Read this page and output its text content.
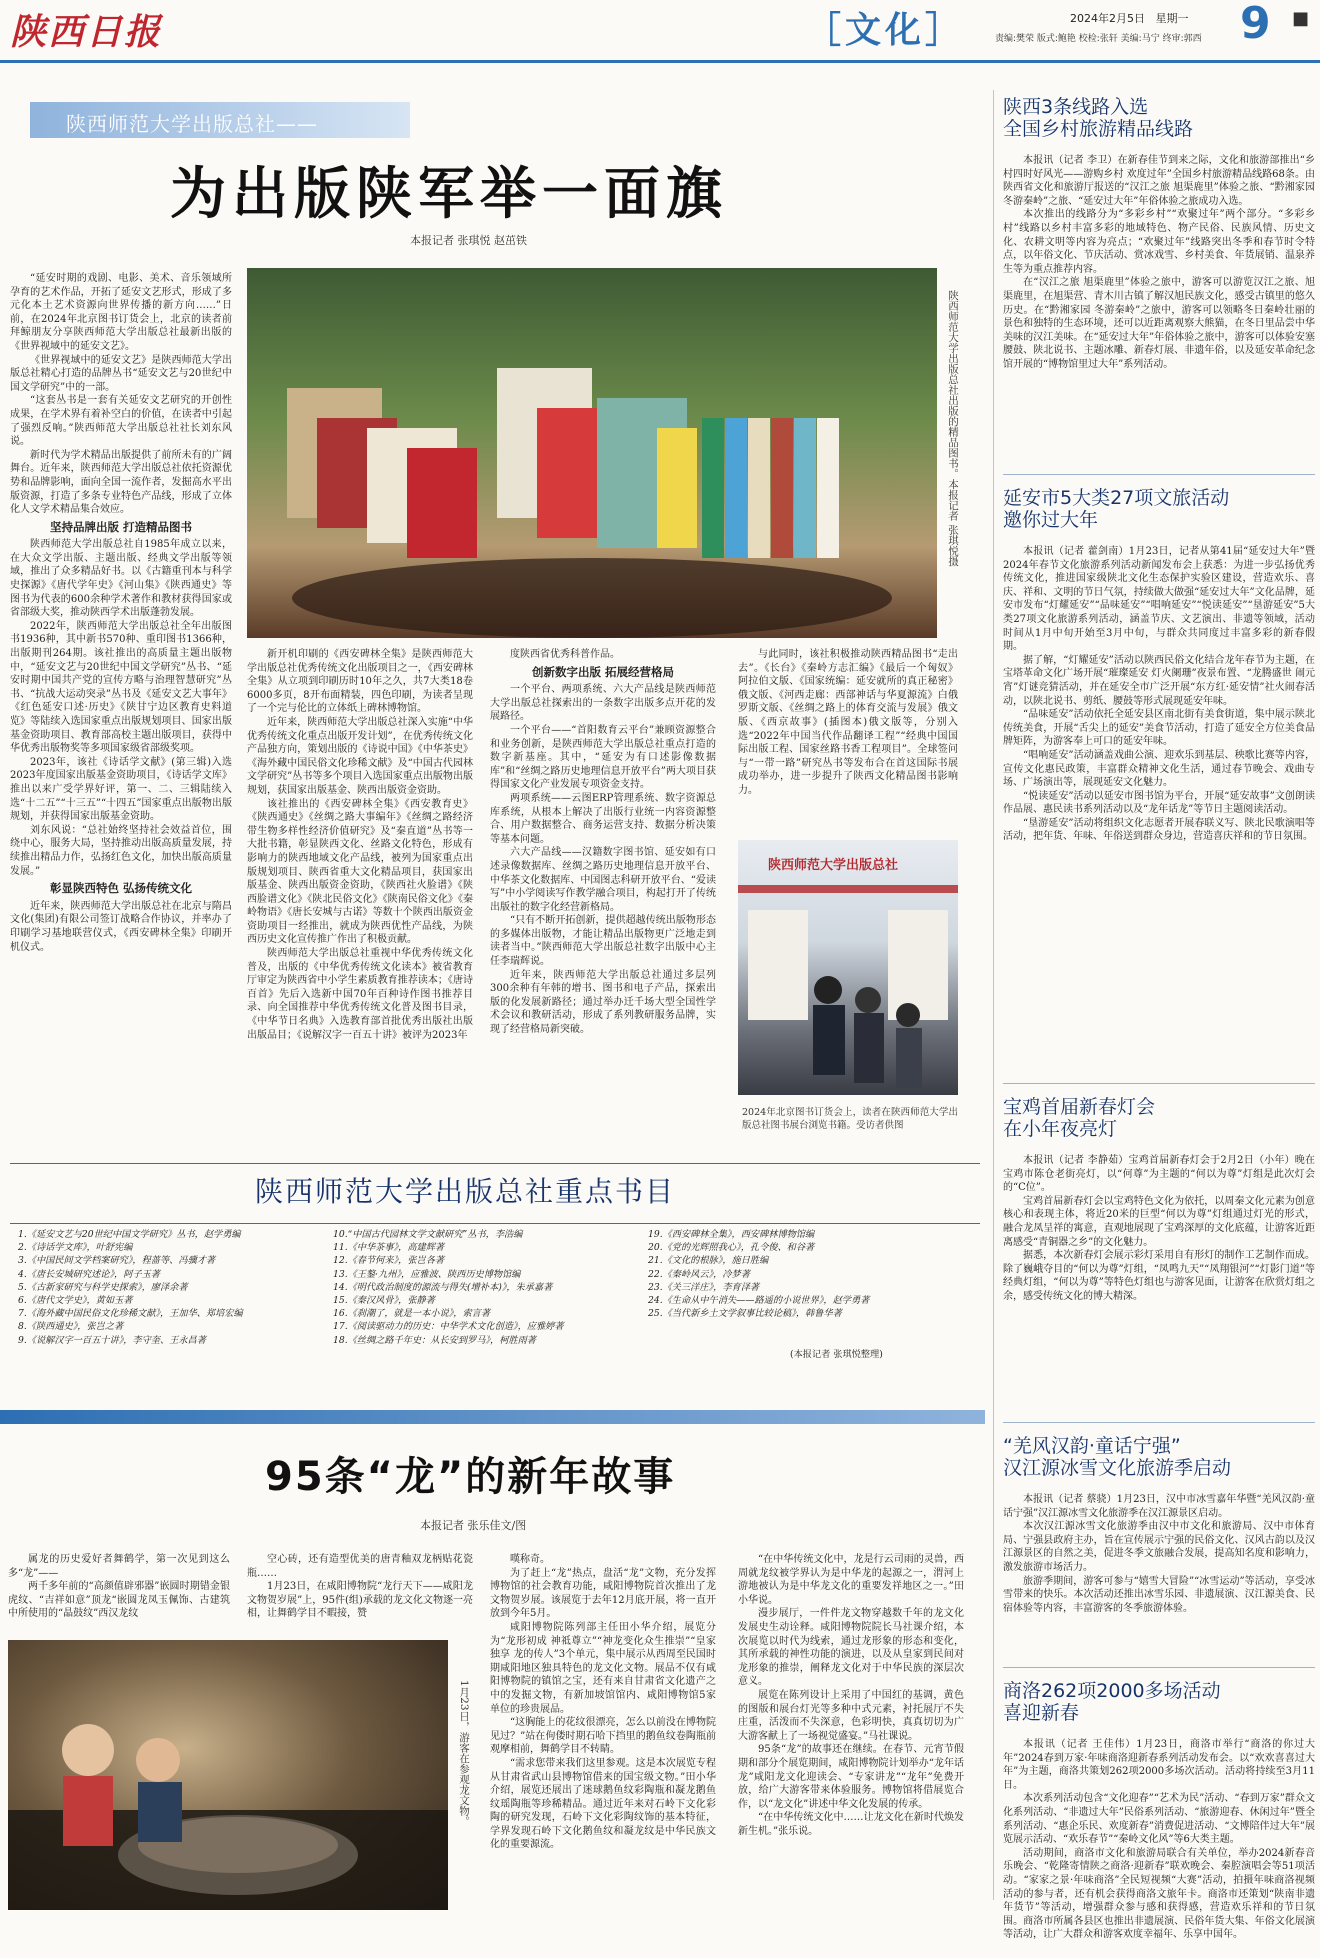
陕西日报	［文化］	2024年2月5日 星期一
责编:樊荣 版式:鲍艳 校检:张轩 美编:马宁 终审:郭西 9 ■
陕西师范大学出版总社——
为出版陕军举一面旗
本报记者 张琪悦 赵茁铁
陕西师范大学出版总社出版的精品图书。本报记者 张琪悦摄

“延安时期的戏剧、电影、美术、音乐领域所孕育的艺术作品，开拓了延安文艺形式，形成了多元化本土艺术资源向世界传播的新方向……”日前，在2024年北京图书订货会上，北京的读者前拜鲸朋友分享陕西师范大学出版总社最新出版的《世界视域中的延安文艺》。

《世界视域中的延安文艺》是陕西师范大学出版总社精心打造的品牌丛书“延安文艺与20世纪中国文学研究”中的一部。

“这套丛书是一套有关延安文艺研究的开创性成果，在学术界有着补空白的价值，在读者中引起了强烈反响。”陕西师范大学出版总社社长刘东风说。

新时代为学术精品出版提供了前所未有的广阔舞台。近年来，陕西师范大学出版总社依托资源优势和品牌影响，面向全国一流作者，发掘高水平出版资源，打造了多条专业特色产品线，形成了立体化人文学术精品集合效应。

坚持品牌出版 打造精品图书

陕西师范大学出版总社自1985年成立以来，在大众文学出版、主题出版、经典文学出版等领域，推出了众多精品好书。以《古籍重刊本与科学史探源》《唐代学年史》《河山集》《陕西通史》等图书为代表的600余种学术著作和教材获得国家或省部级大奖，推动陕西学术出版蓬勃发展。

2022年，陕西师范大学出版总社全年出版图书1936种，其中新书570种、重印图书1366种，出版期刊264期。该社推出的高质量主题出版物中，“延安文艺与20世纪中国文学研究”丛书、“延安时期中国共产党的宣传方略与治理智慧研究”丛书、“抗战大运动突录”丛书及《延安文艺大事年》《红色延安口述·历史》《陕甘宁边区教育史料道览》等陆续入选国家重点出版规划项目、国家出版基金资助项目、教育部高校主题出版项目，获得中华优秀出版物奖等多项国家级省部级奖项。

2023年，该社《诗话学文献》(第三辑)入选2023年度国家出版基金资助项目，《诗话学文库》推出以来广受学界好评，第一、二、三辑陆续入选“十二五”“十三五”“十四五”国家重点出版物出版规划，并获得国家出版基金资助。

刘东风说：“总社始终坚持社会效益首位，围绕中心，服务大局，坚持推动出版高质量发展，持续推出精品力作，弘扬红色文化，加快出版高质量发展。”

彰显陕西特色 弘扬传统文化

近年来，陕西师范大学出版总社在北京与隋昌文化(集团)有限公司签订战略合作协议，并率办了印刷学习基地联营仪式，《西安碑林全集》印刷开机仪式。

新开机印刷的《西安碑林全集》是陕西师范大学出版总社优秀传统文化出版项目之一，《西安碑林全集》从立项到印刷历时10年之久，共7大类18卷6000多页，8开布面精装，四色印刷，为读者呈现了一个完与伦比的立体纸上碑林博物馆。

近年来，陕西师范大学出版总社深入实施“中华优秀传统文化重点出版开发计划”，在优秀传统文化产品独方向，策划出版的《诗说中国》《中华茶史》《海外藏中国民俗文化珍稀文献》及“中国古代园林文学研究”丛书等多个项目入选国家重点出版物出版规划，获国家出版基金、陕西出版资金资助。

该社推出的《西安碑林全集》《西安教育史》《陕西通史》《丝绸之路大事编年》《丝绸之路经济带生物多样性经济价值研究》及“秦直道”丛书等一大批书籍，彰显陕西文化、丝路文化特色，形成有影响力的陕西地域文化产品线，被列为国家重点出版规划项目、陕西省重大文化精品项目，获国家出版基金、陕西出版资金资助，《陕西社火脸谱》《陕西脸谱文化》《陕北民俗文化》《陕南民俗文化》《秦岭物语》《唐长安城与古诺》等数十个陕西出版资金资助项目一经推出，就成为陕西优性产品线，为陕西历史文化宣传推广作出了积极贡献。

陕西师范大学出版总社重视中华优秀传统文化普及，出版的《中华优秀传统文化读本》被省教育厅审定为陕西省中小学生素质教育推荐读本；《唐诗百首》先后入选新中国70年百种诗作图书推荐目录、向全国推荐中华优秀传统文化普及图书目录，《中华节日名典》入选教育部首批优秀出版社出版出版品目；《说解汉字一百五十讲》被评为2023年

度陕西省优秀科普作品。

创新数字出版 拓展经营格局

一个平台、两项系统、六大产品线是陕西师范大学出版总社探索出的一条数字出版多点开花的发展路径。

一个平台——“首阳数育云平台”兼顾资源整合和业务创新，是陕西师范大学出版总社重点打造的数字新基座。其中，“延安为有口述影像数据库”和“丝绸之路历史地理信息开放平台”两大项目获得国家文化产业发展专项资金支持。

两项系统——云图ERP管理系统、数字资源总库系统，从根本上解决了出版行业统一内容资源整合、用户数据整合、商务运营支持、数据分析决策等基本问题。

六大产品线——汉籍数字图书馆、延安如有口述录像数据库、丝绸之路历史地理信息开放平台、中华茶文化数据库、中国图志科研开放平台、“爱读写”中小学阅读写作教学融合项目，构起打开了传统出版社的数字化经营新格局。

“只有不断开拓创新，提供超越传统出版物形态的多媒体出版物，才能让精品出版物更广泛地走到读者当中。”陕西师范大学出版总社数字出版中心主任李瑞辉说。

近年来，陕西师范大学出版总社通过多层列300余种有年韩的增书、图书和电子产品，探索出版的化发展新路径；通过举办迁千场大型全国性学术会议和教研活动，形成了系列教研服务品牌，实现了经营格局新突破。

与此同时，该社积极推动陕西精品图书“走出去”。《长台》《秦岭方志汇编》《最后一个匈奴》阿拉伯文版、《国家统编：延安就所的真正秘密》俄文版、《河西走廊：西部神话与华夏源流》白俄罗斯文版、《丝绸之路上的体育交流与发展》俄文版、《西京故事》(插图本)俄文版等，分别入选“2022年中国当代作品翻译工程”“经典中国国际出版工程、国家丝路书香工程项目”。全球签问与“一带一路”研究丛书等发布合在首这国际书展成功举办，进一步提升了陕西文化精品图书影响力。

陕西师范大学出版总社
2024年北京图书订货会上，读者在陕西师范大学出版总社图书展台浏览书籍。受访者供图
陕西师范大学出版总社重点书目
1.《延安文艺与20世纪中国文学研究》丛书，赵学勇编
2.《诗话学文库》，叶舒宪编
3.《中国民间文学档案研究》，程蔷等、冯骥才著
4.《唐长安城研究述论》，阿子玉著
5.《古新家研究与科学史探索》，廖泽余著
6.《唐代文学史》，黄如玉著
7.《海外藏中国民俗文化珍稀文献》，王加华、郑培宏编
8.《陕西通史》，张岂之著
9.《说解汉字一百五十讲》，李守奎、王永昌著
10.“中国古代园林文学文献研究”丛书，李浩编
11.《中华茶事》，高建辉著
12.《春节何来》，张岂各著
13.《王鏊·九州》，应雅波、陕西历史博物馆编
14.《明代政治制度的源流与得失(增补本)》，朱承嘉著
15.《秦汉风骨》，张静著
16.《刹潮了，就是一本小说》，索言著
17.《阅读驱动力的历史：中华学术文化创造》，应雅婷著
18.《丝绸之路千年史：从长安到罗马》，柯胜雨著
19.《西安碑林全集》，西安碑林博物馆编
20.《党的光辉照我心》，孔令俊、和谷著
21.《文化的根脉》，施日胜编
22.《秦岭风云》，冷梦著
23.《关三洋庄》，李育泽著
24.《生命从中午消失——路遥的小说世界》，赵学勇著
25.《当代新乡土文学叙事比较论稿》，韩鲁华著
(本报记者 张琪悦整理)
95条“龙”的新年故事
本报记者 张乐佳文/图

属龙的历史爱好者舞鹤学，第一次见到这么多“龙”——

两千多年前的“高颜值辟邪器”嵌圆时期错金银虎纹、“吉祥如意”顶龙“嵌圆龙凤玉佩饰、古建筑中所使用的“晶鼓纹”西汉龙纹

空心砖，还有造型优美的唐青釉双龙柄贴花瓷瓶……

1月23日，在咸阳博物院“龙行天下——咸阳龙文物贺岁展”上，95件(组)承载的龙文化文物逐一亮相，让舞鹤学目不暇接，赞

嘆称奇。

为了赶上“龙”热点，盘活“龙”文物，充分发挥博物馆的社会教育功能，咸阳博物院首次推出了龙文物贺岁展。该展览于去年12月底开展，将一直开放到今年5月。

咸阳博物院陈列部主任田小华介绍，展览分为“龙形初成 神祗尊立”“神龙变化众生推崇”“皇家独享 龙的传人”3个单元，集中展示从西周至民国时期咸阳地区独具特色的龙文化文物。展品不仅有咸阳博物院的镇馆之宝，还有来自甘肃省文化遗产之中的发掘文物，有新加坡馆馆内、咸阳博物馆5家单位的珍贵展品。

“这胸能上的花纹很漂亮，怎么以前没在博物院见过？”站在佝偻时期石哈下挡里的鹅鱼纹卷陶瓶前观摩相前，舞鹤学目不转睛。

“需求您带来我们这里参观。这是本次展览专程从甘肃省武山县博物馆借来的国宝级文物。”田小华介绍，展览还展出了迷球鹅鱼纹彩陶瓶和凝龙鹅鱼纹瑶陶瓶等珍稀精品。通过近年来对石岭下文化彩陶的研究发现，石岭下文化彩陶纹饰的基本特征，学界发现石岭下文化鹅鱼纹和凝龙纹是中华民族文化的重要源流。

“在中华传统文化中，龙是行云司雨的灵兽，西周就龙纹被学界认为是中华龙的起源之一，渭河上游地被认为是中华龙文化的重要发祥地区之一。”田小华说。

漫步展厅，一件件龙文物穿越数千年的龙文化发展史生动诠释。咸阳博物院院长马社课介绍，本次展览以时代为线索，通过龙形象的形态和变化，其所承载的神性功能的演进，以及从皇家到民间对龙形象的推崇，阐释龙文化对于中华民族的深层次意义。

展览在陈列设计上采用了中国红的基调，黄色的图版和展台灯光等多种中式元素，衬托展厅不失庄重，活泼而不失深意，色彩明快，真真切切为广大游客献上了一场视觉盛宴。”马社课说。

95条“龙”的故事还在继续。在春节、元宵节假期和部分个展览期间，咸阳博物院计划举办“龙年话龙”咸阳龙文化迎读会、“专家讲龙”“龙年”免费开放，给广大游客带来体验服务。博物馆将借展览合作，以“龙文化”讲述中华文化发展的传承。

“在中华传统文化中……让龙文化在新时代焕发新生机。”张乐说。

1月23日，游客在参观龙文物。
陕西3条线路入选
全国乡村旅游精品线路

本报讯（记者 李卫）在新春佳节到来之际，文化和旅游部推出“乡村四时好风光——游购乡村 欢度过年”全国乡村旅游精品线路68条。由陕西省文化和旅游厅报送的“汉江之旅 旭渠鹿里”体验之旅、“黔湘家园 冬游秦岭”之旅、“延安过大年”年俗体验之旅成功入选。

本次推出的线路分为“多彩乡村”“欢聚过年”两个部分。“多彩乡村”线路以乡村丰富多彩的地域特色、物产民俗、民族风情、历史文化、农耕文明等内容为亮点；“欢聚过年”线路突出冬季和春节时令特点，以年俗文化、节庆活动、赏冰戏雪、乡村美食、年货展销、温泉养生等为重点推荐内容。

在“汉江之旅 旭渠鹿里”体验之旅中，游客可以游览汉江之旅、旭渠鹿里，在旭渠营、青木川古镇了解汉旭民族文化，感受古镇里的悠久历史。在“黔湘家园 冬游秦岭”之旅中，游客可以领略冬日秦岭壮丽的景色和独特的生态环境，还可以近距离观察大熊猫，在冬日里品尝中华美味的汉江美味。在“延安过大年”年俗体验之旅中，游客可以体验安塞腰鼓、陕北说书、主题冰雕、新春灯展、非遗年俗，以及延安革命纪念馆开展的“博物馆里过大年”系列活动。

延安市5大类27项文旅活动
邀你过大年

本报讯（记者 藿剑南）1月23日，记者从第41届“延安过大年”暨2024年春节文化旅游系列活动新闻发布会上获悉：为进一步弘扬优秀传统文化，推进国家级陕北文化生态保护实验区建设，营造欢乐、喜庆、祥和、文明的节日气氛，持续做大做强“延安过大年”文化品牌，延安市发布“灯耀延安”“品味延安”“唱响延安”“悦读延安”“垦游延安”5大类27项文化旅游系列活动，涵盖节庆、文艺演出、非遗等领域，活动时间从1月中旬开始至3月中旬，与群众共同度过丰富多彩的新春假期。

据了解，“灯耀延安”活动以陕西民俗文化结合龙年春节为主题，在宝塔革命文化广场开展“璀璨延安 灯火阑珊”夜景布置、“龙腾盛世 闹元宵”灯谜竞猜活动，并在延安全市广泛开展“东方红·延安情”社火闹春活动，以陕北说书、剪纸、腰鼓等形式展现延安年味。

“品味延安”活动依托全延安县区南北街有美食街道，集中展示陕北传统美食，开展“舌尖上的延安”美食节活动，打造了延安全方位美食品牌矩阵，为游客奉上可口的延安年味。

“唱响延安”活动涵盖戏曲公演、迎欢乐到基层、秧歌比赛等内容，宣传文化惠民政策，丰富群众精神文化生活，通过春节晚会、戏曲专场、广场演出等，展现延安文化魅力。

“悦读延安”活动以延安市图书馆为平台，开展“延安故事”文创朗读作品展、惠民读书系列活动以及“龙年话龙”等节日主题阅读活动。

“垦游延安”活动将组织文化志愿者开展春联义写、陕北民歌演唱等活动，把年货、年味、年俗送到群众身边，营造喜庆祥和的节日氛围。

宝鸡首届新春灯会
在小年夜亮灯

本报讯（记者 李静茹）宝鸡首届新春灯会于2月2日（小年）晚在宝鸡市陈仓老街亮灯，以“何尊”为主题的“何以为尊”灯组是此次灯会的“C位”。

宝鸡首届新春灯会以宝鸡特色文化为依托，以周秦文化元素为创意核心和表现主体，将近20米的巨型“何以为尊”灯组通过灯光的形式，融合龙凤呈祥的寓意，直观地展现了宝鸡深厚的文化底蕴，让游客近距离感受“青铜器之乡”的文化魅力。

据悉，本次新春灯会展示彩灯采用自有形灯的制作工艺制作而成。除了巍峨夺目的“何以为尊”灯组，“凤鸣九天”“凤翔银河”“灯影门道”等经典灯组，“何以为尊”等特色灯组也与游客见面，让游客在欣赏灯组之余，感受传统文化的博大精深。

“羌风汉韵·童话宁强”
汉江源冰雪文化旅游季启动

本报讯（记者 蔡骁）1月23日，汉中市冰雪嘉年华暨“羌风汉韵·童话宁强”汉江源冰雪文化旅游季在汉江源景区启动。

本次汉江源冰雪文化旅游季由汉中市文化和旅游局、汉中市体育局、宁强县政府主办，旨在宣传展示宁强的民俗文化、汉风古韵以及汉江源景区的自然之美，促进冬季文旅融合发展，提高知名度和影响力，激发旅游市场活力。

旅游季期间，游客可参与“嬉雪大冒险”“冰雪运动”等活动，享受冰雪带来的快乐。本次活动还推出冰雪乐园、非遗展演、汉江源美食、民宿体验等内容，丰富游客的冬季旅游体验。

商洛262项2000多场活动
喜迎新春

本报讯（记者 王佳伟）1月23日，商洛市举行“商洛的你过大年”2024春到万家·年味商洛迎新春系列活动发布会。以“欢欢喜喜过大年”为主题，商洛共策划262项2000多场次活动。活动将持续至3月11日。

本次系列活动包含“文化迎春”“艺术为民”活动、“春到万家”群众文化系列活动、“非遗过大年”民俗系列活动、“旅游迎春、休闲过年”暨全系列活动、“惠企乐民、欢度新春”消费促进活动、“文博陪伴过大年”展览展示活动、“欢乐春节”“秦岭文化风”等6大类主题。

活动期间，商洛市文化和旅游局联合有关单位，举办2024新春音乐晚会、“乾隆寄情陕之商洛·迎新春”联欢晚会、秦腔演唱会等51项活动。“家家之景·年味商洛”全民短视频“大赛”活动，拍摄年味商洛视频活动的参与者，还有机会获得商洛文旅年卡。商洛市还策划“陕南非遗年货节”等活动，增强群众参与感和获得感，营造欢乐祥和的节日氛围。商洛市所属各县区也推出非遗展演、民俗年货大集、年俗文化展演等活动，让广大群众和游客欢度幸福年、乐享中国年。
